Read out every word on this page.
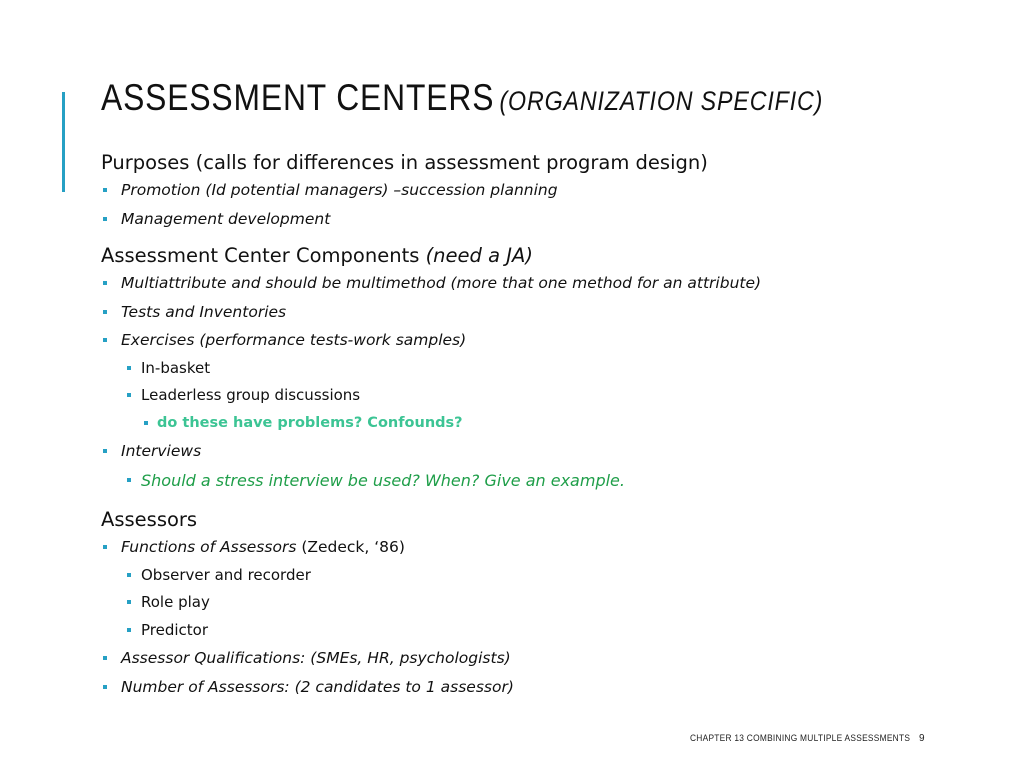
ASSESSMENT CENTERS (ORGANIZATION SPECIFIC)

Purposes (calls for differences in assessment program design)

Promotion (Id potential managers) –succession planning
Management development

Assessment Center Components (need a JA)

Multiattribute and should be multimethod (more that one method for an attribute)
Tests and Inventories
Exercises (performance tests-work samples)
In-basket
Leaderless group discussions
do these have problems? Confounds?
Interviews
Should a stress interview be used? When? Give an example.

Assessors

Functions of Assessors (Zedeck, ‘86)
Observer and recorder
Role play
Predictor
Assessor Qualifications: (SMEs, HR, psychologists)
Number of Assessors: (2 candidates to 1 assessor)
CHAPTER 13 COMBINING MULTIPLE ASSESSMENTS 9
